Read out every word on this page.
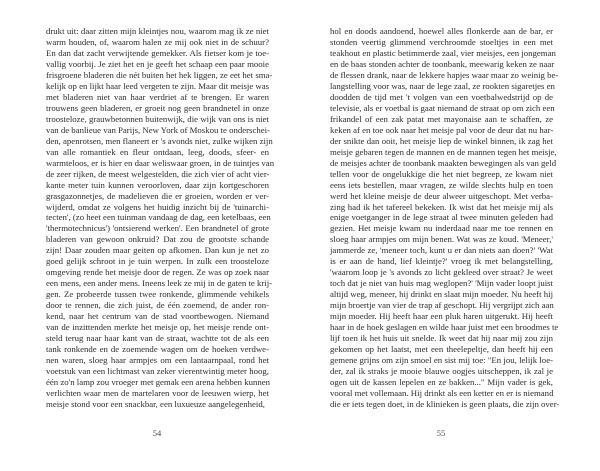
drukt uit: daar zitten mijn kleintjes nou, waarom mag ik ze niet
warm houden, of, waarom halen ze mij ook niet in de schuur?
En dan dat zacht verwijtende gemekker. Als fietser kom je toe-
vallig voorbij. Je ziet het en je geeft het schaap een paar mooie
frisgroene bladeren die nét buiten het hek liggen, ze eet het sma-
kelijk op en lijkt haar leed vergeten te zijn. Maar dit meisje was
met bladeren niet van haar verdriet af te brengen. Er waren
trouwens geen bladeren, er groeit nog geen brandnetel in onze
troosteloze, grauwbetonnen buitenwijk, die wijk van ons is niet
van de banlieue van Parijs, New York of Moskou te onderschei-
den, apenrotsen, men flaneert er 's avonds niet, zulke wijken zijn
van alle romantiek en fleur ontdaan, leeg, doods, sfeer- en
warmteloos, er is hier en daar weliswaar groen, in de tuintjes van
de zeer rijken, de meest welgestelden, die zich vier of acht vier-
kante meter tuin kunnen veroorloven, daar zijn kortgeschoren
grasgazonnetjes, de madelieven die er groeien, worden er ver-
wijderd, omdat ze volgens het huidig inzicht bij de 'tuinarchi-
tecten', (zo heet een tuinman vandaag de dag, een ketelbaas, een
'thermotechnicus') 'ontsierend werken'. Een brandnetel of grote
bladeren van gewoon onkruid? Dat zou de grootste schande
zijn! Daar zouden maar geiten op afkomen. Dan kun je net zo
goed gelijk schroot in je tuin werpen. In zulk een troosteloze
omgeving rende het meisje door de regen. Ze was op zoek naar
een mens, een ander mens. Ineens leek ze mij in de gaten te krij-
gen. Ze probeerde tussen twee ronkende, glimmende vehikels
door te rennen, die zich juist, de één zoemend, de ander ron-
kend, naar het centrum van de stad voortbewogen. Niemand
van de inzittenden merkte het meisje op, het meisje rende ont-
steld terug naar haar kant van de straat, wachtte tot de als een
tank ronkende en de zoemende wagen om de hoeken verdwe-
nen waren, sloeg haar armpjes om een lantaarnpaal, rond het
voetstuk van een lichtmast van zeker vierentwintig meter hoog,
één zo'n lamp zou vroeger met gemak een arena hebben kunnen
verlichten waar men de martelaren voor de leeuwen wierp, het
meisje stond voor een snackbar, een luxueuze aangelegenheid,
54
hol en doods aandoend, hoewel alles flonkerde aan de bar, er
stonden veertig glimmend verchroomde stoeltjes in een met
teakhout en plastic betimmerde zaal, vier meisjes, een jongeman
en de baas stonden achter de toonbank, meewarig keken ze naar
de flessen drank, naar de lekkere hapjes waar maar zo weinig be-
langstelling voor was, naar de lege zaal, ze rookten sigaretjes en
doodden de tijd met 't volgen van een voetbalwedstrijd op de
televisie, als er voetbal is gaat niemand de straat op om zich een
frikandel of een zak patat met mayonaise aan te schaffen, ze
keken af en toe ook naar het meisje pal voor de deur dat nu har-
der snikte dan ooit, het meisje liep de winkel binnen, ik zag het
meisje gebaren tegen de mannen en de mannen tegen het meisje,
de meisjes achter de toonbank maakten bewegingen als van geld
tellen voor de ongelukkige die het niet begreep, ze kwam niet
eens iets bestellen, maar vragen, ze wilde slechts hulp en toen
werd het kleine meisje de deur alweer uitgeschopt. Met verba-
zing had ik het tafereel bekeken. Ik wist dat het meisje mij als
enige voetganger in de lege straat al twee minuten geleden had
gezien. Het meisje kwam nu inderdaad naar me toe rennen en
sloeg haar armpjes om mijn benen. Wat was ze koud. 'Meneer,'
jammerde ze, 'meneer toch, kunt u er dan niets aan doen?' 'Wat
is er aan de hand, lief kleintje?' vroeg ik met belangstelling,
'waarom loop je 's avonds zo licht gekleed over straat? Je weet
toch dat je niet van huis mag weglopen?' 'Mijn vader loopt juist
altijd weg, meneer, hij drinkt en slaat mijn moeder. Nu heeft hij
mijn broertje van vier de trap af geschopt. Hij vergrijpt zich aan
mijn moeder. Hij heeft haar een pluk haren uitgerukt. Hij heeft
haar in de hoek geslagen en wilde haar juist met een broodmes te
lijf toen ik het huis uit snelde. Ik weet dat hij naar mij zou zijn
gekomen op het laatst, met een theelepeltje, dan heeft hij een
gemene grijns om zijn smoel en sist mij toe: "En jou, lelijk loe-
der, zal ik straks je mooie blauwe oogjes uitscheppen, ik zal je
ogen uit de kassen lepelen en ze bakken..." Mijn vader is gek,
vooral met vollemaan. Hij drinkt als een ketter en er is niemand
die er iets tegen doet, in de klinieken is geen plaats, die zijn over-
55
